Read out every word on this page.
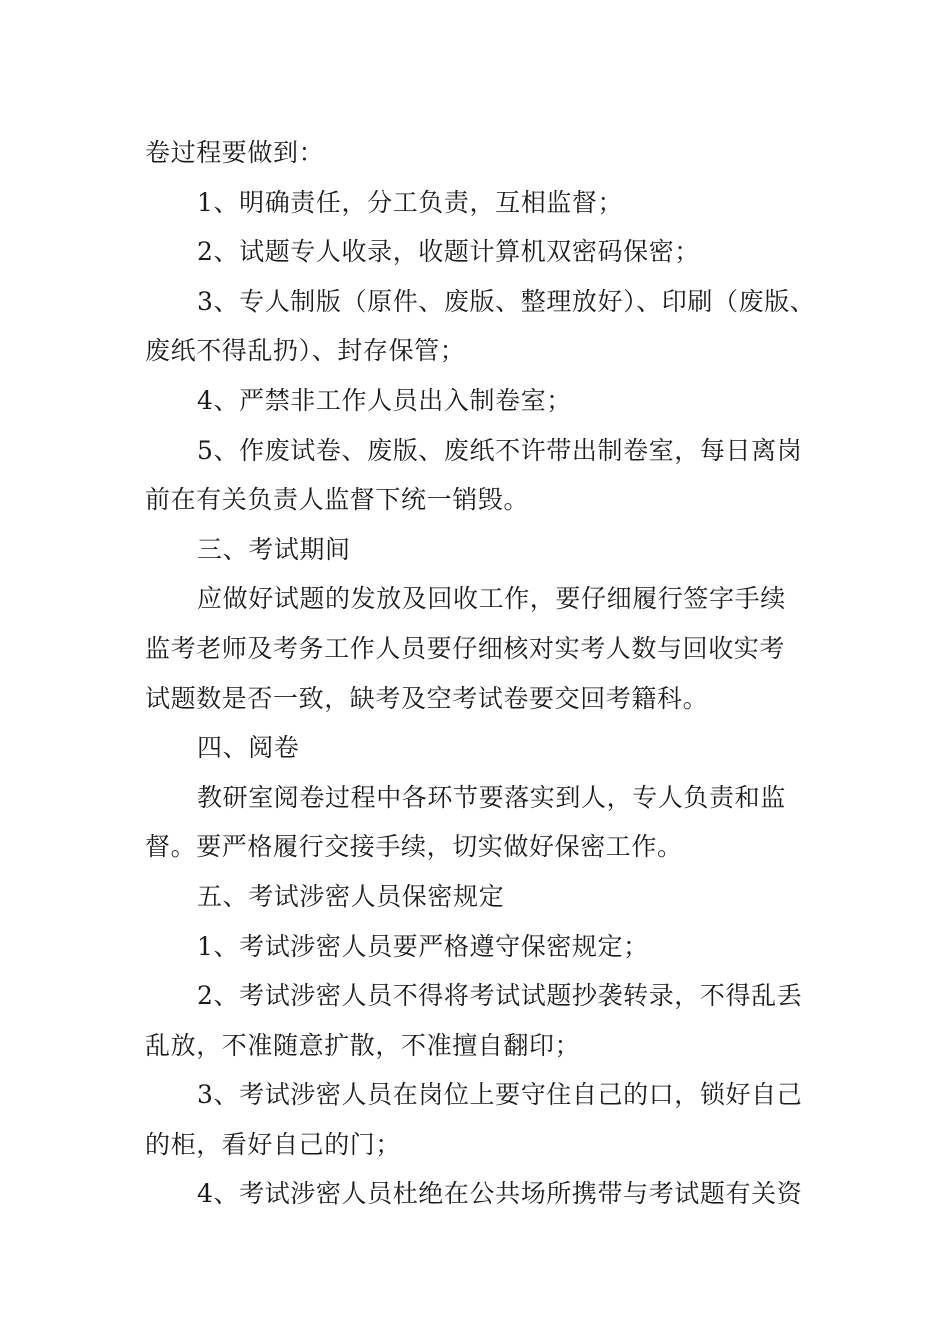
卷过程要做到：
1、明确责任，分工负责，互相监督；
2、试题专人收录，收题计算机双密码保密；
3、专人制版（原件、废版、整理放好）、印刷（废版、
废纸不得乱扔）、封存保管；
4、严禁非工作人员出入制卷室；
5、作废试卷、废版、废纸不许带出制卷室，每日离岗
前在有关负责人监督下统一销毁。
三、考试期间
应做好试题的发放及回收工作，要仔细履行签字手续
监考老师及考务工作人员要仔细核对实考人数与回收实考
试题数是否一致，缺考及空考试卷要交回考籍科。
四、阅卷
教研室阅卷过程中各环节要落实到人，专人负责和监
督。要严格履行交接手续，切实做好保密工作。
五、考试涉密人员保密规定
1、考试涉密人员要严格遵守保密规定；
2、考试涉密人员不得将考试试题抄袭转录，不得乱丢
乱放，不准随意扩散，不准擅自翻印；
3、考试涉密人员在岗位上要守住自己的口，锁好自己
的柜，看好自己的门；
4、考试涉密人员杜绝在公共场所携带与考试题有关资
